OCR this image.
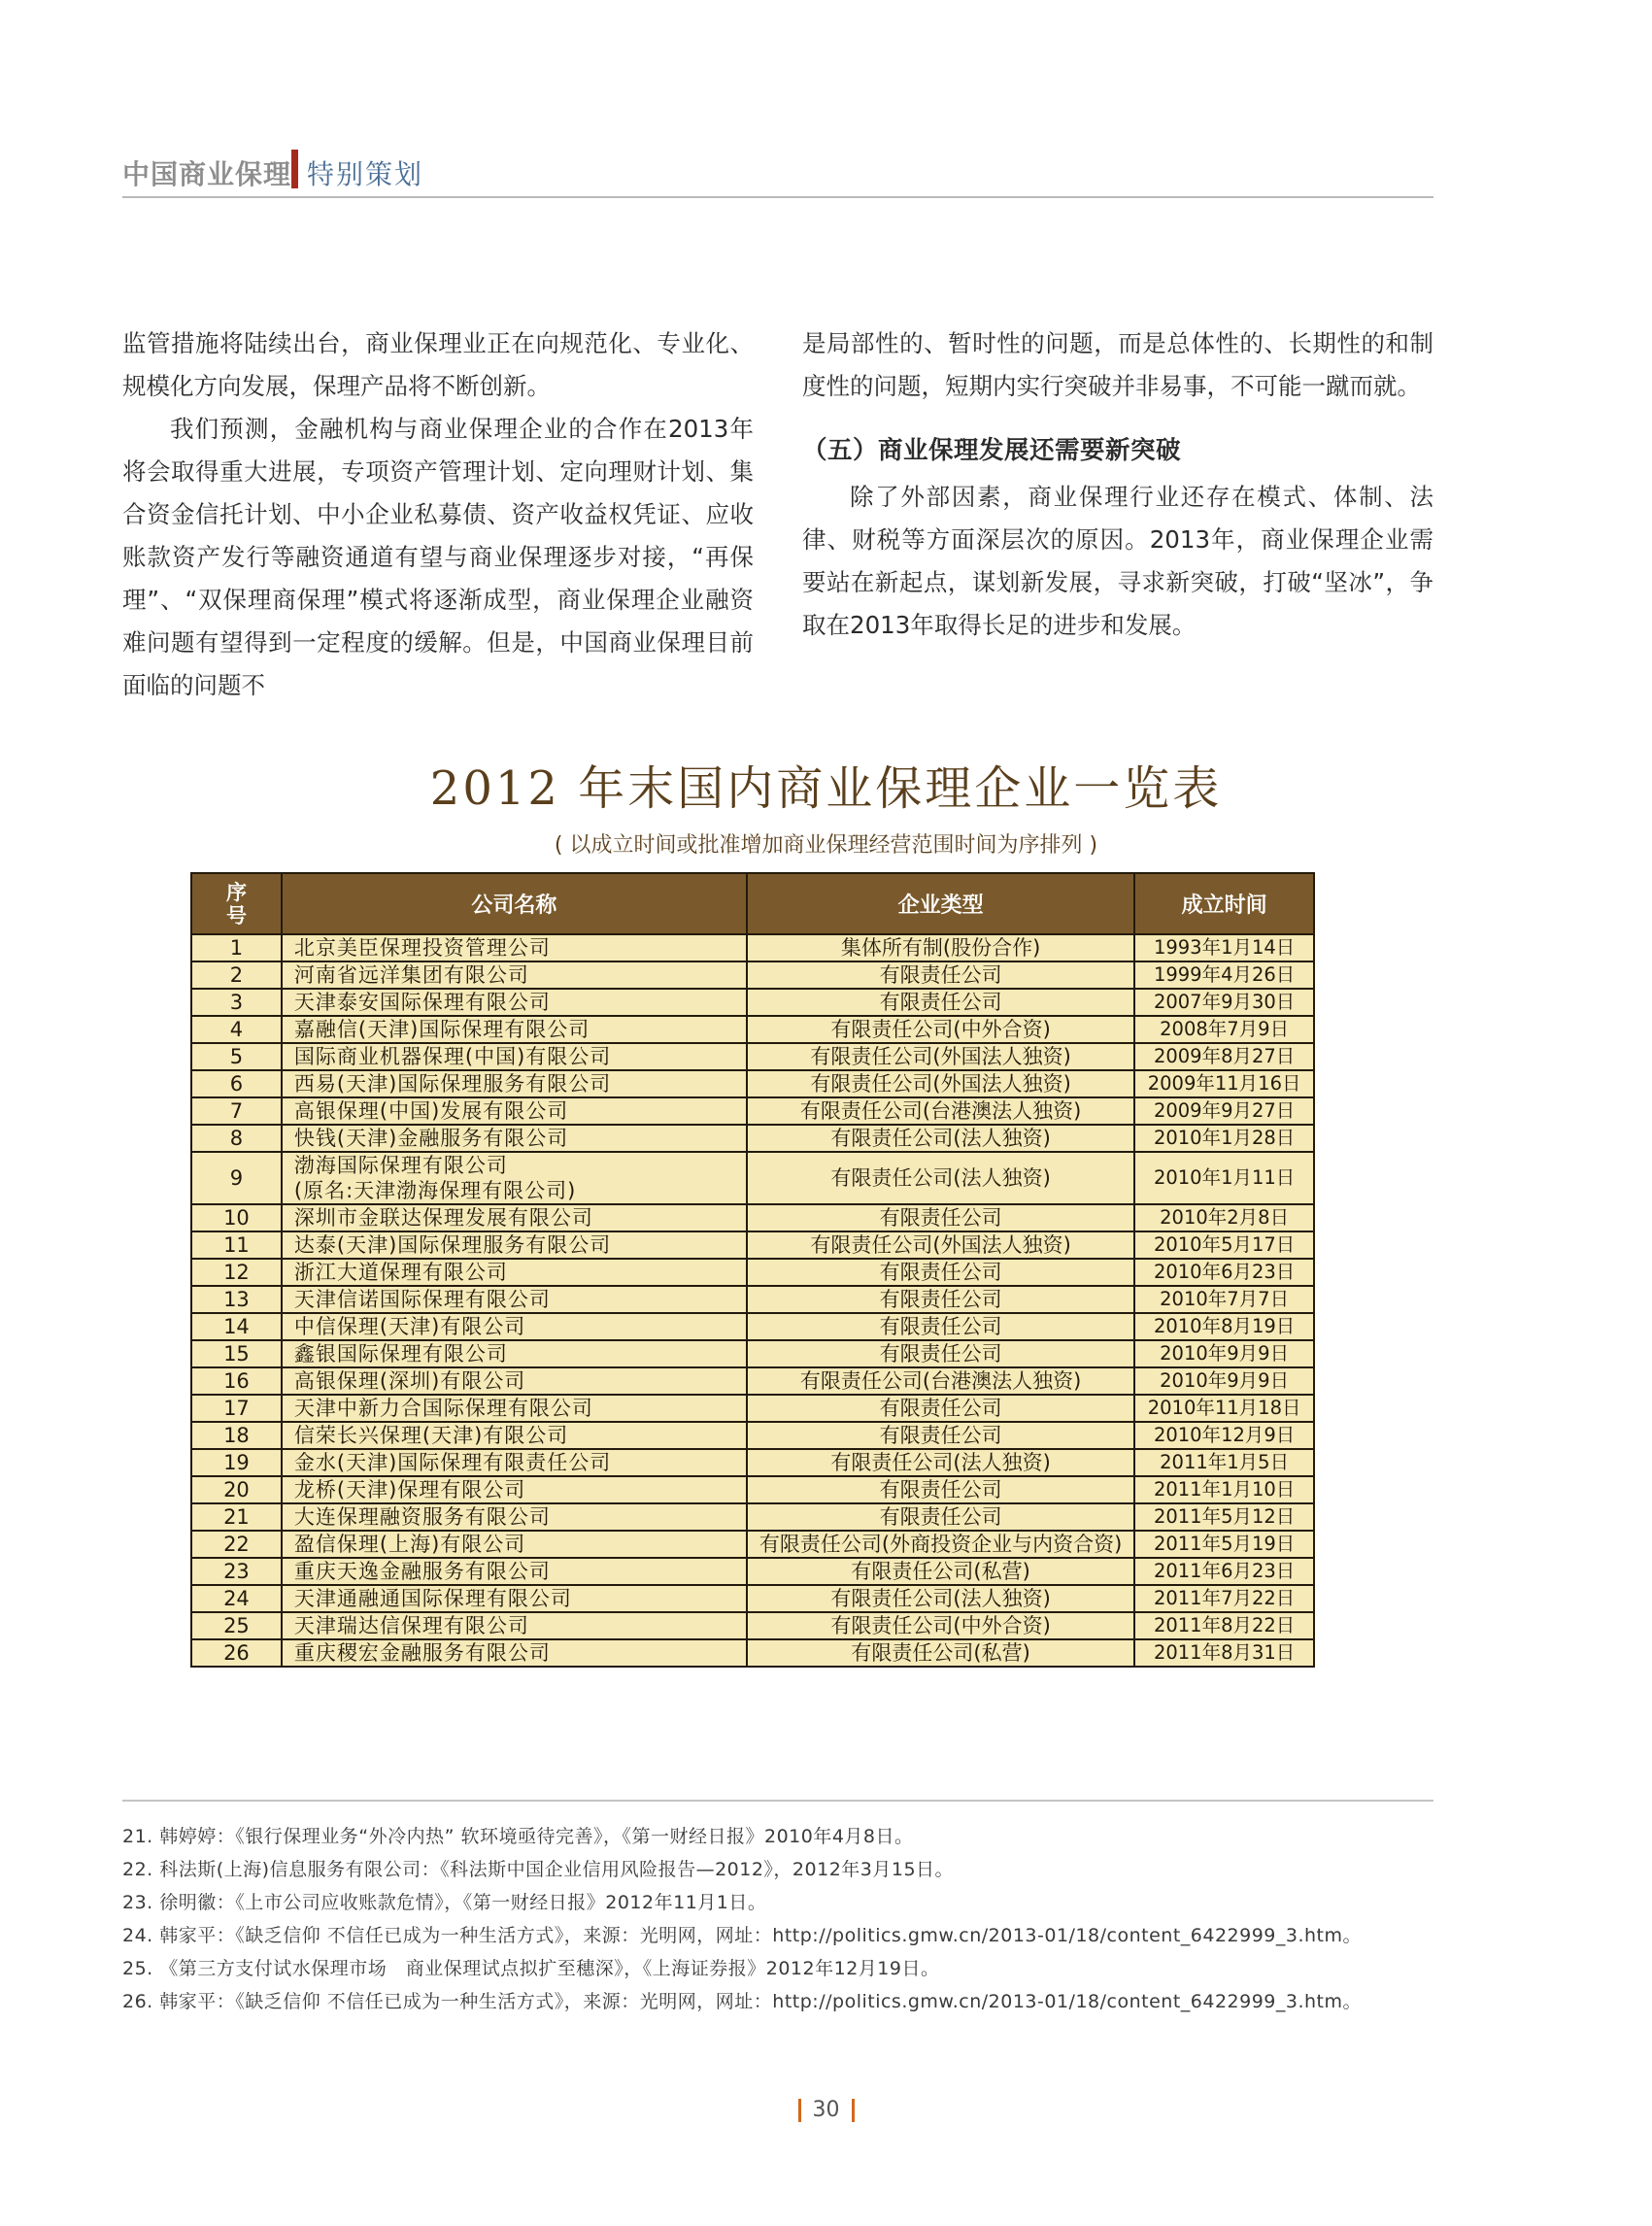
中国商业保理 特别策划

监管措施将陆续出台，商业保理业正在向规范化、专业化、规模化方向发展，保理产品将不断创新。

我们预测，金融机构与商业保理企业的合作在2013年将会取得重大进展，专项资产管理计划、定向理财计划、集合资金信托计划、中小企业私募债、资产收益权凭证、应收账款资产发行等融资通道有望与商业保理逐步对接，“再保理”、“双保理商保理”模式将逐渐成型，商业保理企业融资难问题有望得到一定程度的缓解。但是，中国商业保理目前面临的问题不

是局部性的、暂时性的问题，而是总体性的、长期性的和制度性的问题，短期内实行突破并非易事，不可能一蹴而就。

（五）商业保理发展还需要新突破

除了外部因素，商业保理行业还存在模式、体制、法律、财税等方面深层次的原因。2013年，商业保理企业需要站在新起点，谋划新发展，寻求新突破，打破“坚冰”，争取在2013年取得长足的进步和发展。

2012 年末国内商业保理企业一览表
( 以成立时间或批准增加商业保理经营范围时间为序排列 )
序
号	公司名称	企业类型	成立时间
1	北京美臣保理投资管理公司	集体所有制(股份合作)	1993年1月14日
2	河南省远洋集团有限公司	有限责任公司	1999年4月26日
3	天津泰安国际保理有限公司	有限责任公司	2007年9月30日
4	嘉融信(天津)国际保理有限公司	有限责任公司(中外合资)	2008年7月9日
5	国际商业机器保理(中国)有限公司	有限责任公司(外国法人独资)	2009年8月27日
6	西易(天津)国际保理服务有限公司	有限责任公司(外国法人独资)	2009年11月16日
7	高银保理(中国)发展有限公司	有限责任公司(台港澳法人独资)	2009年9月27日
8	快钱(天津)金融服务有限公司	有限责任公司(法人独资)	2010年1月28日
9	渤海国际保理有限公司
(原名:天津渤海保理有限公司)	有限责任公司(法人独资)	2010年1月11日
10	深圳市金联达保理发展有限公司	有限责任公司	2010年2月8日
11	达泰(天津)国际保理服务有限公司	有限责任公司(外国法人独资)	2010年5月17日
12	浙江大道保理有限公司	有限责任公司	2010年6月23日
13	天津信诺国际保理有限公司	有限责任公司	2010年7月7日
14	中信保理(天津)有限公司	有限责任公司	2010年8月19日
15	鑫银国际保理有限公司	有限责任公司	2010年9月9日
16	高银保理(深圳)有限公司	有限责任公司(台港澳法人独资)	2010年9月9日
17	天津中新力合国际保理有限公司	有限责任公司	2010年11月18日
18	信荣长兴保理(天津)有限公司	有限责任公司	2010年12月9日
19	金水(天津)国际保理有限责任公司	有限责任公司(法人独资)	2011年1月5日
20	龙桥(天津)保理有限公司	有限责任公司	2011年1月10日
21	大连保理融资服务有限公司	有限责任公司	2011年5月12日
22	盈信保理(上海)有限公司	有限责任公司(外商投资企业与内资合资)	2011年5月19日
23	重庆天逸金融服务有限公司	有限责任公司(私营)	2011年6月23日
24	天津通融通国际保理有限公司	有限责任公司(法人独资)	2011年7月22日
25	天津瑞达信保理有限公司	有限责任公司(中外合资)	2011年8月22日
26	重庆稷宏金融服务有限公司	有限责任公司(私营)	2011年8月31日
21. 韩婷婷：《银行保理业务“外冷内热” 软环境亟待完善》，《第一财经日报》2010年4月8日。
22. 科法斯(上海)信息服务有限公司：《科法斯中国企业信用风险报告—2012》，2012年3月15日。
23. 徐明徽：《上市公司应收账款危情》，《第一财经日报》2012年11月1日。
24. 韩家平：《缺乏信仰 不信任已成为一种生活方式》，来源：光明网，网址：http://politics.gmw.cn/2013-01/18/content_6422999_3.htm。
25. 《第三方支付试水保理市场　商业保理试点拟扩至穗深》，《上海证券报》2012年12月19日。
26. 韩家平：《缺乏信仰 不信任已成为一种生活方式》，来源：光明网，网址：http://politics.gmw.cn/2013-01/18/content_6422999_3.htm。
30
